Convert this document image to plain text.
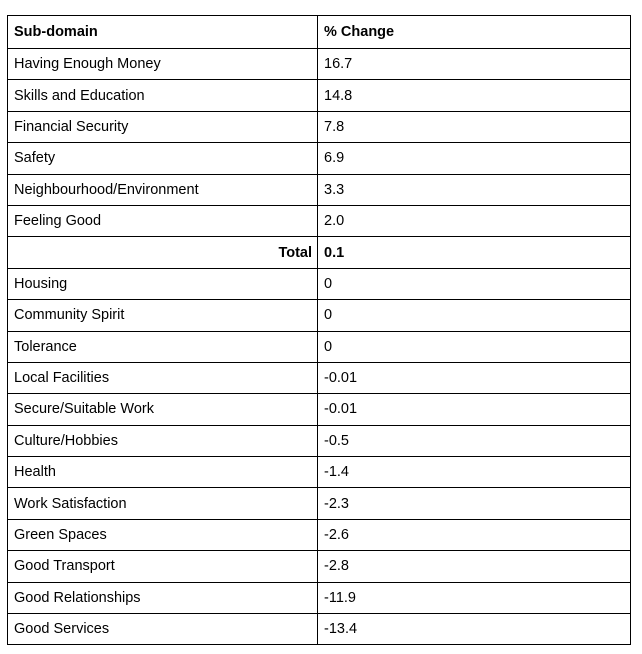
Sub-domain	% Change
Having Enough Money	16.7
Skills and Education	14.8
Financial Security	7.8
Safety	6.9
Neighbourhood/Environment	3.3
Feeling Good	2.0
Total	0.1
Housing	0
Community Spirit	0
Tolerance	0
Local Facilities	-0.01
Secure/Suitable Work	-0.01
Culture/Hobbies	-0.5
Health	-1.4
Work Satisfaction	-2.3
Green Spaces	-2.6
Good Transport	-2.8
Good Relationships	-11.9
Good Services	-13.4
